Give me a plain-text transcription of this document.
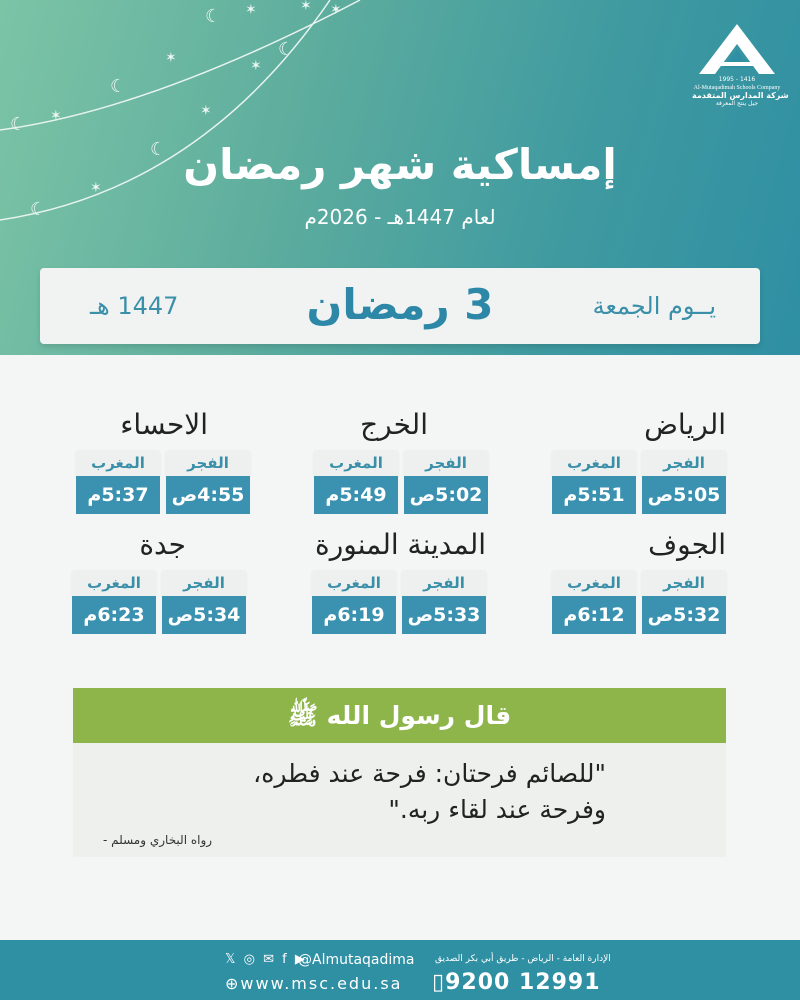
☾ ✶
☾
✶
☾ ✶
☾
✶
☾
✶
✶
☾
✶ ✶
1995 - 1416
Al-Mutaqadimah Schools Company
شركة المدارس المتقدمة
جيل ينتج المعرفة
إمساكية شهر رمضان
لعام 1447هـ - 2026م
يــوم الجمعة
3 رمضان
1447 هـ
الرياض
الفجر
5:05ص
المغرب
5:51م
الخرج
الفجر
5:02ص
المغرب
5:49م
الاحساء
الفجر
4:55ص
المغرب
5:37م
الجوف
الفجر
5:32ص
المغرب
6:12م
المدينة المنورة
الفجر
5:33ص
المغرب
6:19م
جدة
الفجر
5:34ص
المغرب
6:23م
قال رسول الله ﷺ
"للصائم فرحتان: فرحة عند فطره،
وفرحة عند لقاء ربه."
رواه البخاري ومسلم -
𝕏 ◎ ✉ f ▶
@Almutaqadima
⊕www.msc.edu.sa
الإدارة العامة - الرياض - طريق أبي بكر الصديق
▯9200 12991
